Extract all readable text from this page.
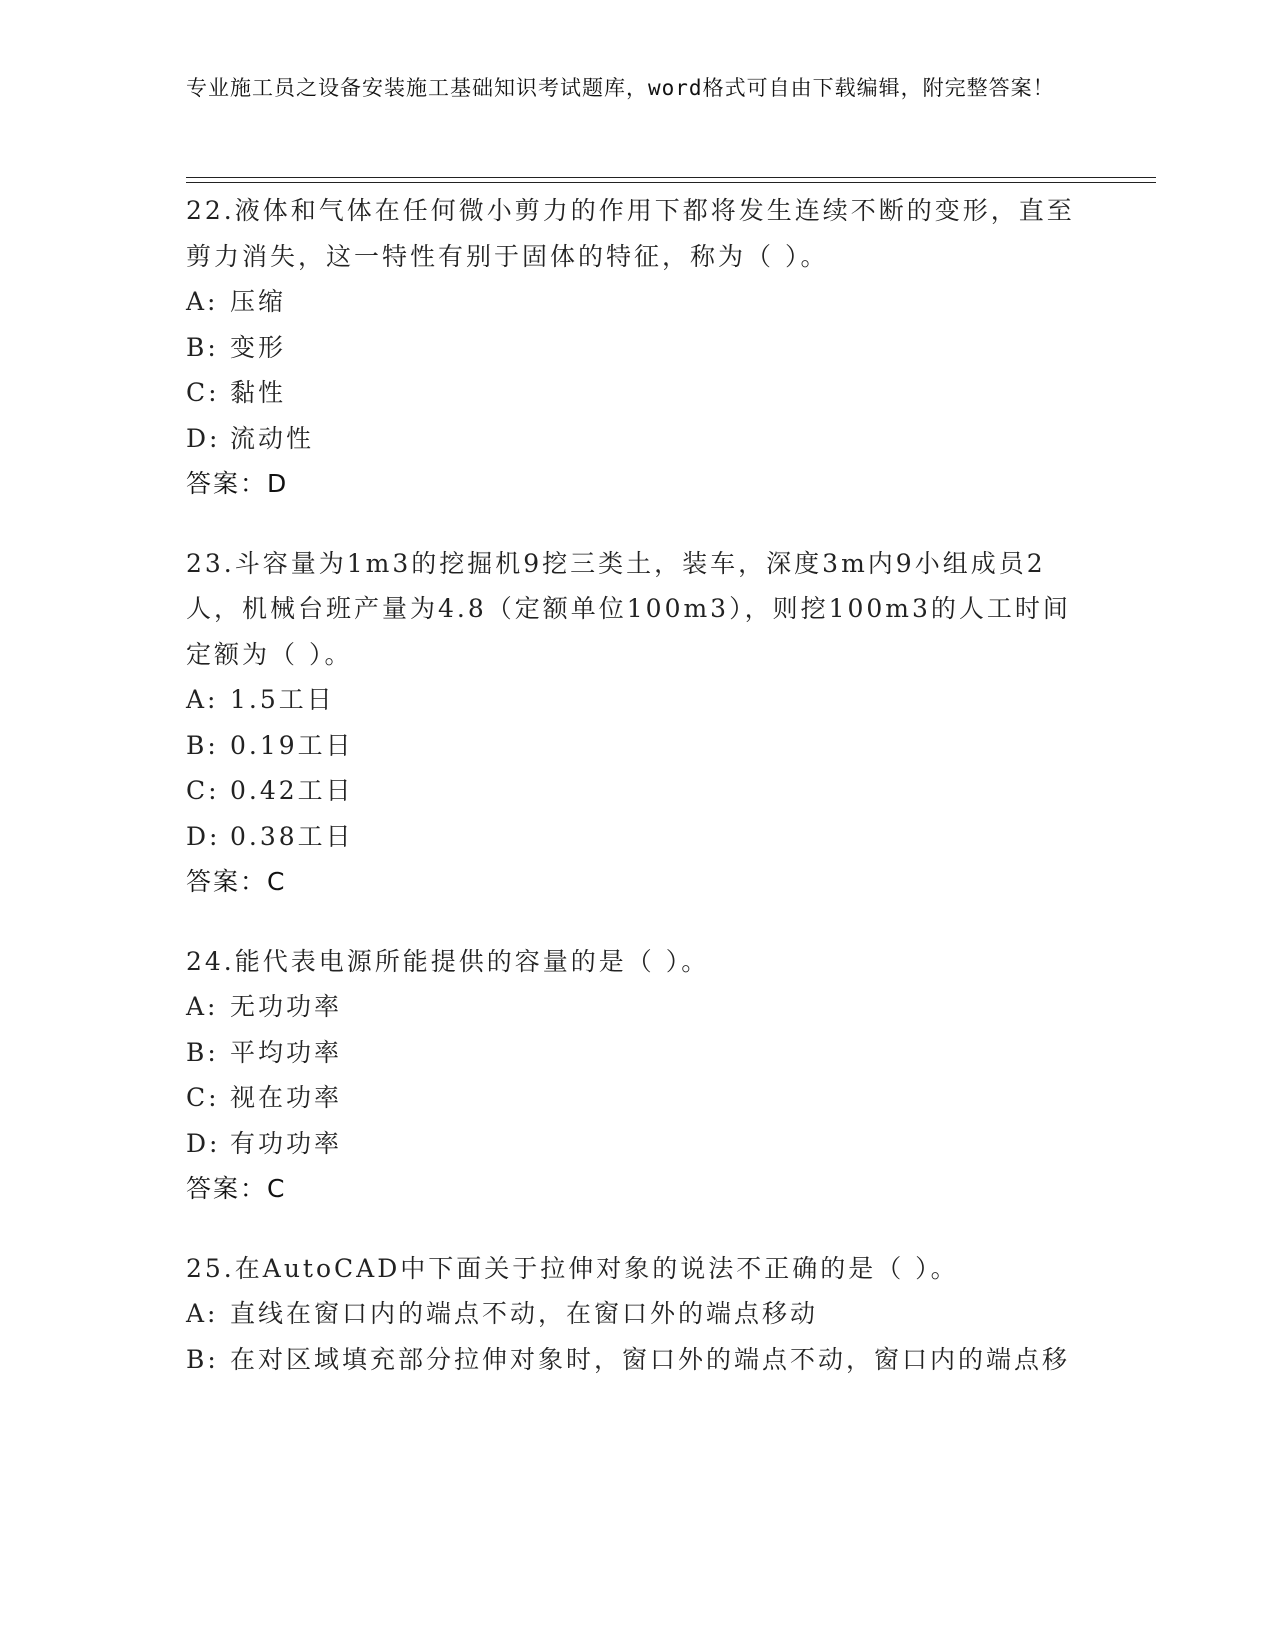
专业施工员之设备安装施工基础知识考试题库，word格式可自由下载编辑，附完整答案！
22.液体和气体在任何微小剪力的作用下都将发生连续不断的变形，直至剪力消失，这一特性有别于固体的特征，称为（ ）。
A: 压缩
B: 变形
C: 黏性
D: 流动性
答案：D
23.斗容量为1m3的挖掘机9挖三类土，装车，深度3m内9小组成员2人，机械台班产量为4.8（定额单位100m3），则挖100m3的人工时间定额为（ ）。
A: 1.5工日
B: 0.19工日
C: 0.42工日
D: 0.38工日
答案：C
24.能代表电源所能提供的容量的是（ ）。
A: 无功功率
B: 平均功率
C: 视在功率
D: 有功功率
答案：C
25.在AutoCAD中下面关于拉伸对象的说法不正确的是（ ）。
A: 直线在窗口内的端点不动，在窗口外的端点移动
B: 在对区域填充部分拉伸对象时，窗口外的端点不动，窗口内的端点移
